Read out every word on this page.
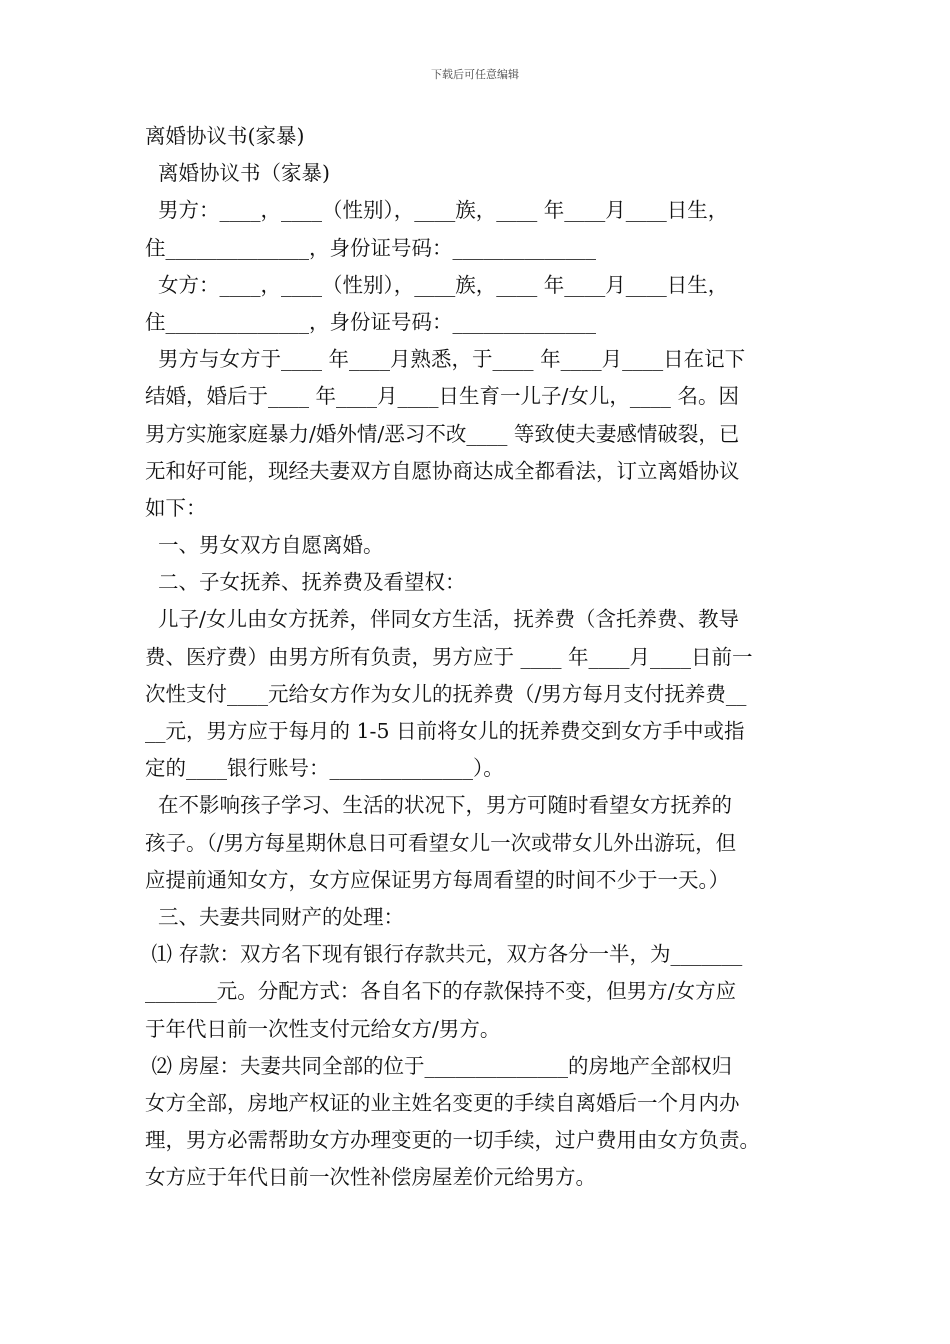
下载后可任意编辑
离婚协议书(家暴)
离婚协议书（家暴)
男方：____，____（性别），____族，____ 年____月____日生，
住______________，身份证号码：______________
女方：____，____（性别），____族，____ 年____月____日生，
住______________，身份证号码：______________
男方与女方于____ 年____月熟悉，于____ 年____月____日在记下
结婚，婚后于____ 年____月____日生育一儿子/女儿，____ 名。因
男方实施家庭暴力/婚外情/恶习不改____ 等致使夫妻感情破裂，已
无和好可能，现经夫妻双方自愿协商达成全都看法，订立离婚协议
如下：
一、男女双方自愿离婚。
二、子女抚养、抚养费及看望权：
儿子/女儿由女方抚养，伴同女方生活，抚养费（含托养费、教导
费、医疗费）由男方所有负责，男方应于 ____ 年____月____日前一
次性支付____元给女方作为女儿的抚养费（/男方每月支付抚养费__
__元，男方应于每月的 1-5 日前将女儿的抚养费交到女方手中或指
定的____银行账号：______________）。
在不影响孩子学习、生活的状况下，男方可随时看望女方抚养的
孩子。（/男方每星期休息日可看望女儿一次或带女儿外出游玩，但
应提前通知女方，女方应保证男方每周看望的时间不少于一天。）
三、夫妻共同财产的处理：
⑴ 存款：双方名下现有银行存款共元，双方各分一半，为_______
_______元。分配方式：各自名下的存款保持不变，但男方/女方应
于年代日前一次性支付元给女方/男方。
⑵ 房屋：夫妻共同全部的位于______________的房地产全部权归
女方全部，房地产权证的业主姓名变更的手续自离婚后一个月内办
理，男方必需帮助女方办理变更的一切手续，过户费用由女方负责。
女方应于年代日前一次性补偿房屋差价元给男方。
